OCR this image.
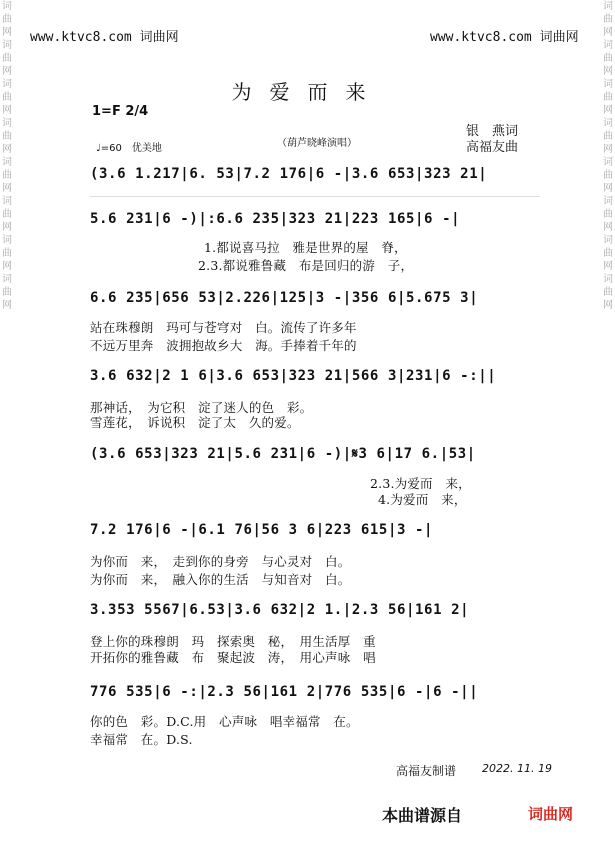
www.ktvc8.com 词曲网	www.ktvc8.com 词曲网
词曲网词曲网词曲网词曲网词曲网词曲网词曲网词曲网
词曲网词曲网词曲网词曲网词曲网词曲网词曲网词曲网
为爱而来
1=F 2/4
（葫芦晓峰演唱）
银　燕词
高福友曲
♩=60　优美地
(3.6 1.217|6. 53|7.2 176|6 -|3.6 653|323 21|
5.6 231|6 -)|:6.6 235|323 21|223 165|6 -|
1.都说喜马拉　雅是世界的屋　脊，
2.3.都说雅鲁藏　布是回归的游　子，
6.6 235|656 53|2.226|125|3 -|356 6|5.675 3|
站在珠穆朗　玛可与苍穹对　白。流传了许多年
不远万里奔　波拥抱故乡大　海。手捧着千年的
3.6 632|2 1 6|3.6 653|323 21|566 3|231|6 -:||
那神话，　为它积　淀了迷人的色　彩。
雪莲花，　诉说积　淀了太　久的爱。
(3.6 653|323 21|5.6 231|6 -)|𝄋3 6|17 6.|53|
2.3.为爱而　来，
4.为爱而　来，
7.2 176|6 -|6.1 76|56 3 6|223 615|3 -|
为你而　来，　走到你的身旁　与心灵对　白。
为你而　来，　融入你的生活　与知音对　白。
3.353 5567|6.53|3.6 632|2 1.|2.3 56|161 2|
登上你的珠穆朗　玛　探索奥　秘，　用生活厚　重
开拓你的雅鲁藏　布　聚起波　涛，　用心声咏　唱
776 535|6 -:|2.3 56|161 2|776 535|6 -|6 -||
你的色　彩。D.C.用　心声咏　唱幸福常　在。
幸福常　在。D.S.
高福友制谱 2022. 11. 19
本曲谱源自	词曲网
